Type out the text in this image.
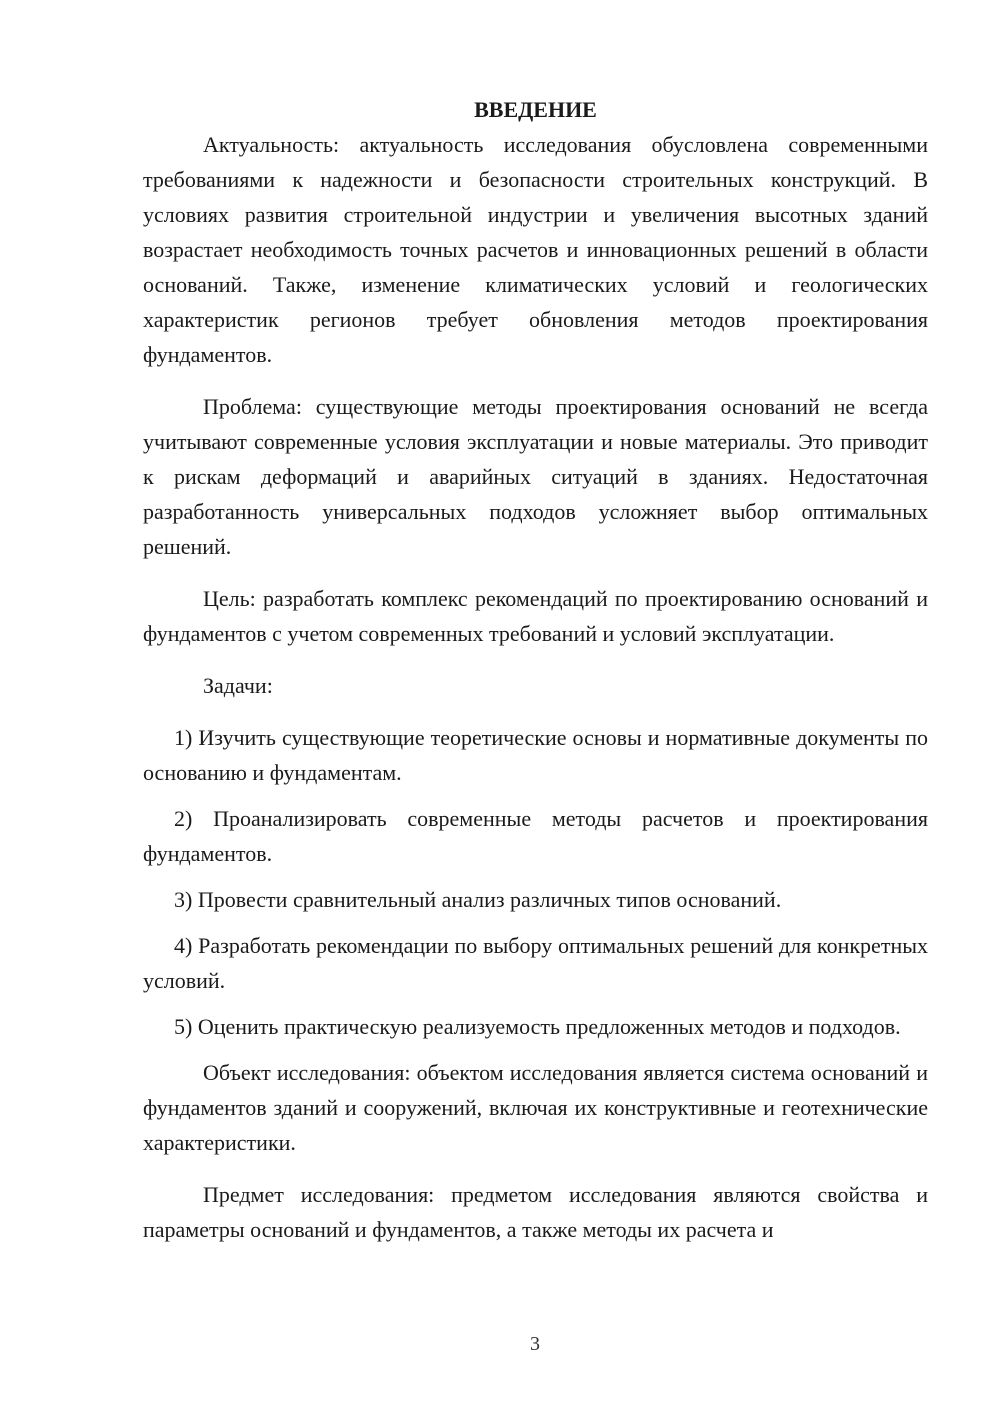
ВВЕДЕНИЕ

Актуальность: актуальность исследования обусловлена современными требованиями к надежности и безопасности строительных конструкций. В условиях развития строительной индустрии и увеличения высотных зданий возрастает необходимость точных расчетов и инновационных решений в области оснований. Также, изменение климатических условий и геологических характеристик регионов требует обновления методов проектирования фундаментов.

Проблема: существующие методы проектирования оснований не всегда учитывают современные условия эксплуатации и новые материалы. Это приводит к рискам деформаций и аварийных ситуаций в зданиях. Недостаточная разработанность универсальных подходов усложняет выбор оптимальных решений.

Цель: разработать комплекс рекомендаций по проектированию оснований и фундаментов с учетом современных требований и условий эксплуатации.

Задачи:

1) Изучить существующие теоретические основы и нормативные документы по основанию и фундаментам.

2) Проанализировать современные методы расчетов и проектирования фундаментов.

3) Провести сравнительный анализ различных типов оснований.

4) Разработать рекомендации по выбору оптимальных решений для конкретных условий.

5) Оценить практическую реализуемость предложенных методов и подходов.

Объект исследования: объектом исследования является система оснований и фундаментов зданий и сооружений, включая их конструктивные и геотехнические характеристики.

Предмет исследования: предметом исследования являются свойства и параметры оснований и фундаментов, а также методы их расчета и

3
